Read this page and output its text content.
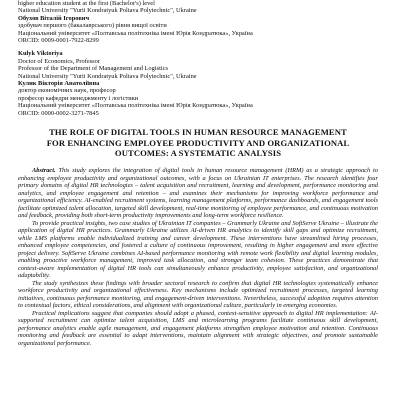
higher education student at the first (Bachelor's) level
National University "Yurii Kondratyuk Poltava Polytechnic", Ukraine
Обухов Віталій Ігорович
здобувач першого (бакалаврського) рівня вищої освіти
Національний університет «Полтавська політехніка імені Юрія Кондратюка», Україна
ORCID: 0009-0001-7922-8299
Kulyk Viktoriya
Doctor of Economics, Professor
Professor of the Department of Management and Logistics
National University "Yurii Kondratyuk Poltava Polytechnic", Ukraine
Кулик Вікторія Анатоліївна
доктор економічних наук, професор
професор кафедри менеджменту і логістики
Національний університет «Полтавська політехніка імені Юрія Кондратюка», Україна
ORCID: 0000-0002-3271-7845
THE ROLE OF DIGITAL TOOLS IN HUMAN RESOURCE MANAGEMENT
FOR ENHANCING EMPLOYEE PRODUCTIVITY AND ORGANIZATIONAL
OUTCOMES: A SYSTEMATIC ANALYSIS

Abstract. This study explores the integration of digital tools in human resource management (HRM) as a strategic approach to enhancing employee productivity and organizational outcomes, with a focus on Ukrainian IT enterprises. The research identifies four primary domains of digital HR technologies – talent acquisition and recruitment, learning and development, performance monitoring and analytics, and employee engagement and retention – and examines their mechanisms for improving workforce performance and organizational efficiency. AI-enabled recruitment systems, learning management platforms, performance dashboards, and engagement tools facilitate optimized talent allocation, targeted skill development, real-time monitoring of employee performance, and continuous motivation and feedback, providing both short-term productivity improvements and long-term workforce resilience.

To provide practical insights, two case studies of Ukrainian IT companies – Grammarly Ukraine and SoftServe Ukraine – illustrate the application of digital HR practices. Grammarly Ukraine utilizes AI-driven HR analytics to identify skill gaps and optimize recruitment, while LMS platforms enable individualized training and career development. These interventions have streamlined hiring processes, enhanced employee competencies, and fostered a culture of continuous improvement, resulting in higher engagement and more effective project delivery. SoftServe Ukraine combines AI-based performance monitoring with remote work flexibility and digital learning modules, enabling proactive workforce management, improved task allocation, and stronger team cohesion. These practices demonstrate that context-aware implementation of digital HR tools can simultaneously enhance productivity, employee satisfaction, and organizational adaptability.

The study synthesizes these findings with broader sectoral research to confirm that digital HR technologies systematically enhance workforce productivity and organizational effectiveness. Key mechanisms include optimized recruitment processes, targeted learning initiatives, continuous performance monitoring, and engagement-driven interventions. Nevertheless, successful adoption requires attention to contextual factors, ethical considerations, and alignment with organizational culture, particularly in emerging economies.

Practical implications suggest that companies should adopt a phased, context-sensitive approach to digital HR implementation: AI-supported recruitment can optimize talent acquisition, LMS and microlearning programs facilitate continuous skill development, performance analytics enable agile management, and engagement platforms strengthen employee motivation and retention. Continuous monitoring and feedback are essential to adapt interventions, maintain alignment with strategic objectives, and promote sustainable organizational performance.
